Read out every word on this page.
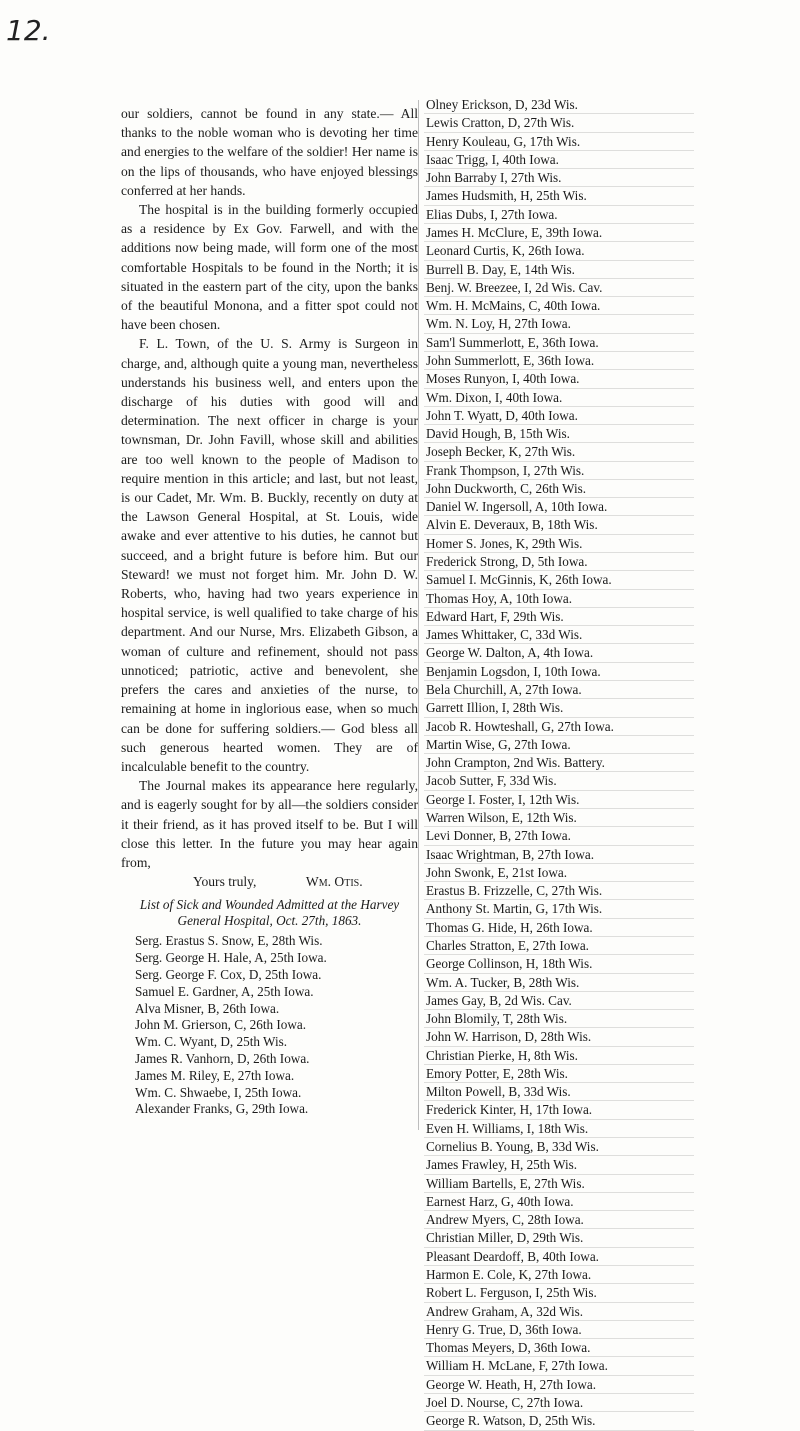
12.

our soldiers, cannot be found in any state.— All thanks to the noble woman who is devoting her time and energies to the welfare of the soldier! Her name is on the lips of thousands, who have enjoyed blessings conferred at her hands.

The hospital is in the building formerly occupied as a residence by Ex Gov. Farwell, and with the additions now being made, will form one of the most comfortable Hospitals to be found in the North; it is situated in the eastern part of the city, upon the banks of the beautiful Monona, and a fitter spot could not have been chosen.

F. L. Town, of the U. S. Army is Surgeon in charge, and, although quite a young man, nevertheless understands his business well, and enters upon the discharge of his duties with good will and determination. The next officer in charge is your townsman, Dr. John Favill, whose skill and abilities are too well known to the people of Madison to require mention in this article; and last, but not least, is our Cadet, Mr. Wm. B. Buckly, recently on duty at the Lawson General Hospital, at St. Louis, wide awake and ever attentive to his duties, he cannot but succeed, and a bright future is before him. But our Steward! we must not forget him. Mr. John D. W. Roberts, who, having had two years experience in hospital service, is well qualified to take charge of his department. And our Nurse, Mrs. Elizabeth Gibson, a woman of culture and refinement, should not pass unnoticed; patriotic, active and benevolent, she prefers the cares and anxieties of the nurse, to remaining at home in inglorious ease, when so much can be done for suffering soldiers.— God bless all such generous hearted women. They are of incalculable benefit to the country.

The Journal makes its appearance here regularly, and is eagerly sought for by all—the soldiers consider it their friend, as it has proved itself to be. But I will close this letter. In the future you may hear again from,

Yours truly,	Wm. Otis.

List of Sick and Wounded Admitted at the Harvey General Hospital, Oct. 27th, 1863.

Serg. Erastus S. Snow, E, 28th Wis.
Serg. George H. Hale, A, 25th Iowa.
Serg. George F. Cox, D, 25th Iowa.
Samuel E. Gardner, A, 25th Iowa.
Alva Misner, B, 26th Iowa.
John M. Grierson, C, 26th Iowa.
Wm. C. Wyant, D, 25th Wis.
James R. Vanhorn, D, 26th Iowa.
James M. Riley, E, 27th Iowa.
Wm. C. Shwaebe, I, 25th Iowa.
Alexander Franks, G, 29th Iowa.
Olney Erickson, D, 23d Wis.
Lewis Cratton, D, 27th Wis.
Henry Kouleau, G, 17th Wis.
Isaac Trigg, I, 40th Iowa.
John Barraby I, 27th Wis.
James Hudsmith, H, 25th Wis.
Elias Dubs, I, 27th Iowa.
James H. McClure, E, 39th Iowa.
Leonard Curtis, K, 26th Iowa.
Burrell B. Day, E, 14th Wis.
Benj. W. Breezee, I, 2d Wis. Cav.
Wm. H. McMains, C, 40th Iowa.
Wm. N. Loy, H, 27th Iowa.
Sam'l Summerlott, E, 36th Iowa.
John Summerlott, E, 36th Iowa.
Moses Runyon, I, 40th Iowa.
Wm. Dixon, I, 40th Iowa.
John T. Wyatt, D, 40th Iowa.
David Hough, B, 15th Wis.
Joseph Becker, K, 27th Wis.
Frank Thompson, I, 27th Wis.
John Duckworth, C, 26th Wis.
Daniel W. Ingersoll, A, 10th Iowa.
Alvin E. Deveraux, B, 18th Wis.
Homer S. Jones, K, 29th Wis.
Frederick Strong, D, 5th Iowa.
Samuel I. McGinnis, K, 26th Iowa.
Thomas Hoy, A, 10th Iowa.
Edward Hart, F, 29th Wis.
James Whittaker, C, 33d Wis.
George W. Dalton, A, 4th Iowa.
Benjamin Logsdon, I, 10th Iowa.
Bela Churchill, A, 27th Iowa.
Garrett Illion, I, 28th Wis.
Jacob R. Howteshall, G, 27th Iowa.
Martin Wise, G, 27th Iowa.
John Crampton, 2nd Wis. Battery.
Jacob Sutter, F, 33d Wis.
George I. Foster, I, 12th Wis.
Warren Wilson, E, 12th Wis.
Levi Donner, B, 27th Iowa.
Isaac Wrightman, B, 27th Iowa.
John Swonk, E, 21st Iowa.
Erastus B. Frizzelle, C, 27th Wis.
Anthony St. Martin, G, 17th Wis.
Thomas G. Hide, H, 26th Iowa.
Charles Stratton, E, 27th Iowa.
George Collinson, H, 18th Wis.
Wm. A. Tucker, B, 28th Wis.
James Gay, B, 2d Wis. Cav.
John Blomily, T, 28th Wis.
John W. Harrison, D, 28th Wis.
Christian Pierke, H, 8th Wis.
Emory Potter, E, 28th Wis.
Milton Powell, B, 33d Wis.
Frederick Kinter, H, 17th Iowa.
Even H. Williams, I, 18th Wis.
Cornelius B. Young, B, 33d Wis.
James Frawley, H, 25th Wis.
William Bartells, E, 27th Wis.
Earnest Harz, G, 40th Iowa.
Andrew Myers, C, 28th Iowa.
Christian Miller, D, 29th Wis.
Pleasant Deardoff, B, 40th Iowa.
Harmon E. Cole, K, 27th Iowa.
Robert L. Ferguson, I, 25th Wis.
Andrew Graham, A, 32d Wis.
Henry G. True, D, 36th Iowa.
Thomas Meyers, D, 36th Iowa.
William H. McLane, F, 27th Iowa.
George W. Heath, H, 27th Iowa.
Joel D. Nourse, C, 27th Iowa.
George R. Watson, D, 25th Wis.
